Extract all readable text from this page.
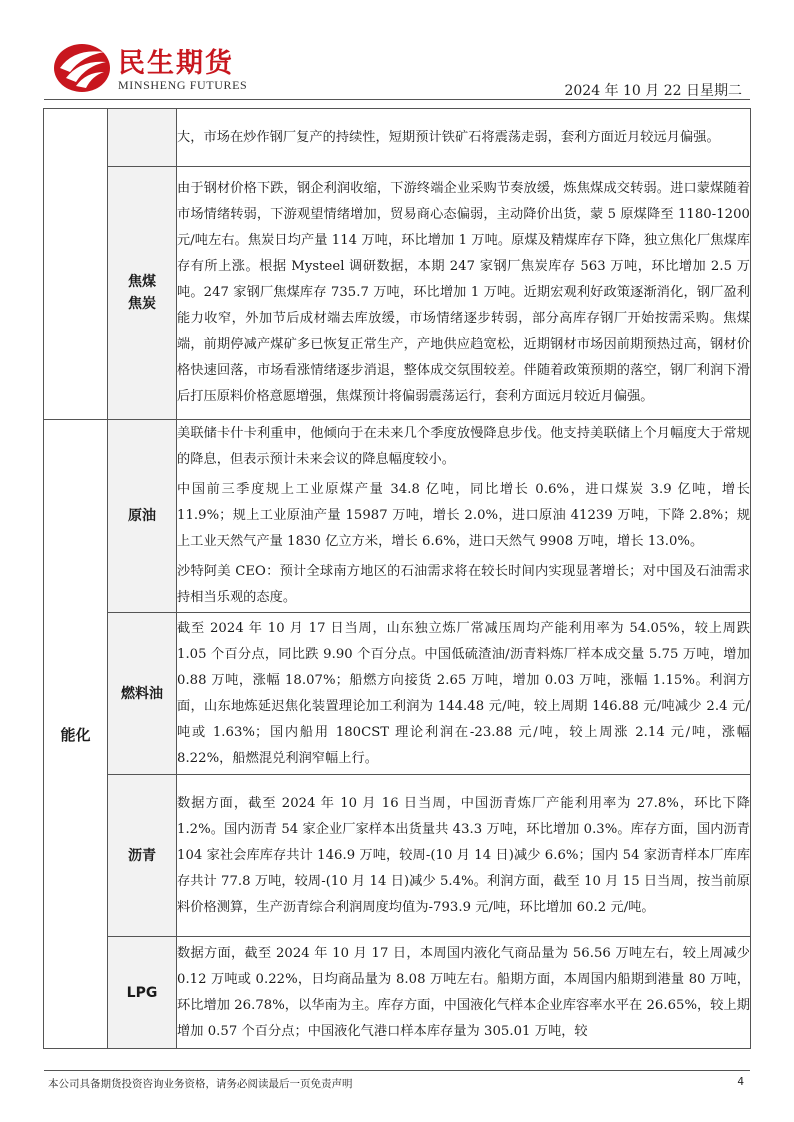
民生期货
MINSHENG FUTURES	2024 年 10 月 22 日星期二

		大，市场在炒作钢厂复产的持续性，短期预计铁矿石将震荡走弱，套利方面近月较远月偏强。

	焦煤焦炭	由于钢材价格下跌，钢企利润收缩，下游终端企业采购节奏放缓，炼焦煤成交转弱。进口蒙煤随着市场情绪转弱，下游观望情绪增加，贸易商心态偏弱，主动降价出货，蒙 5 原煤降至 1180-1200 元/吨左右。焦炭日均产量 114 万吨，环比增加 1 万吨。原煤及精煤库存下降，独立焦化厂焦煤库存有所上涨。根据 Mysteel 调研数据，本期 247 家钢厂焦炭库存 563 万吨，环比增加 2.5 万吨。247 家钢厂焦煤库存 735.7 万吨，环比增加 1 万吨。近期宏观利好政策逐渐消化，钢厂盈利能力收窄，外加节后成材端去库放缓，市场情绪逐步转弱，部分高库存钢厂开始按需采购。焦煤端，前期停减产煤矿多已恢复正常生产，产地供应趋宽松，近期钢材市场因前期预热过高，钢材价格快速回落，市场看涨情绪逐步消退，整体成交氛围较差。伴随着政策预期的落空，钢厂利润下滑后打压原料价格意愿增强，焦煤预计将偏弱震荡运行，套利方面远月较近月偏强。

能化	原油	美联储卡什卡利重申，他倾向于在未来几个季度放慢降息步伐。他支持美联储上个月幅度大于常规的降息，但表示预计未来会议的降息幅度较小。

中国前三季度规上工业原煤产量 34.8 亿吨，同比增长 0.6%，进口煤炭 3.9 亿吨，增长 11.9%；规上工业原油产量 15987 万吨，增长 2.0%，进口原油 41239 万吨，下降 2.8%；规上工业天然气产量 1830 亿立方米，增长 6.6%，进口天然气 9908 万吨，增长 13.0%。

沙特阿美 CEO：预计全球南方地区的石油需求将在较长时间内实现显著增长；对中国及石油需求持相当乐观的态度。

	燃料油	截至 2024 年 10 月 17 日当周，山东独立炼厂常减压周均产能利用率为 54.05%，较上周跌 1.05 个百分点，同比跌 9.90 个百分点。中国低硫渣油/沥青料炼厂样本成交量 5.75 万吨，增加 0.88 万吨，涨幅 18.07%；船燃方向接货 2.65 万吨，增加 0.03 万吨，涨幅 1.15%。利润方面，山东地炼延迟焦化装置理论加工利润为 144.48 元/吨，较上周期 146.88 元/吨减少 2.4 元/吨或 1.63%；国内船用 180CST 理论利润在-23.88 元/吨，较上周涨 2.14 元/吨，涨幅 8.22%，船燃混兑利润窄幅上行。

	沥青	数据方面，截至 2024 年 10 月 16 日当周，中国沥青炼厂产能利用率为 27.8%，环比下降 1.2%。国内沥青 54 家企业厂家样本出货量共 43.3 万吨，环比增加 0.3%。库存方面，国内沥青 104 家社会库库存共计 146.9 万吨，较周-(10 月 14 日)减少 6.6%；国内 54 家沥青样本厂库库存共计 77.8 万吨，较周-(10 月 14 日)减少 5.4%。利润方面，截至 10 月 15 日当周，按当前原料价格测算，生产沥青综合利润周度均值为-793.9 元/吨，环比增加 60.2 元/吨。

	LPG	数据方面，截至 2024 年 10 月 17 日，本周国内液化气商品量为 56.56 万吨左右，较上周减少 0.12 万吨或 0.22%，日均商品量为 8.08 万吨左右。船期方面，本周国内船期到港量 80 万吨，环比增加 26.78%，以华南为主。库存方面，中国液化气样本企业库容率水平在 26.65%，较上期增加 0.57 个百分点；中国液化气港口样本库存量为 305.01 万吨，较

本公司具备期货投资咨询业务资格，请务必阅读最后一页免责声明	4
